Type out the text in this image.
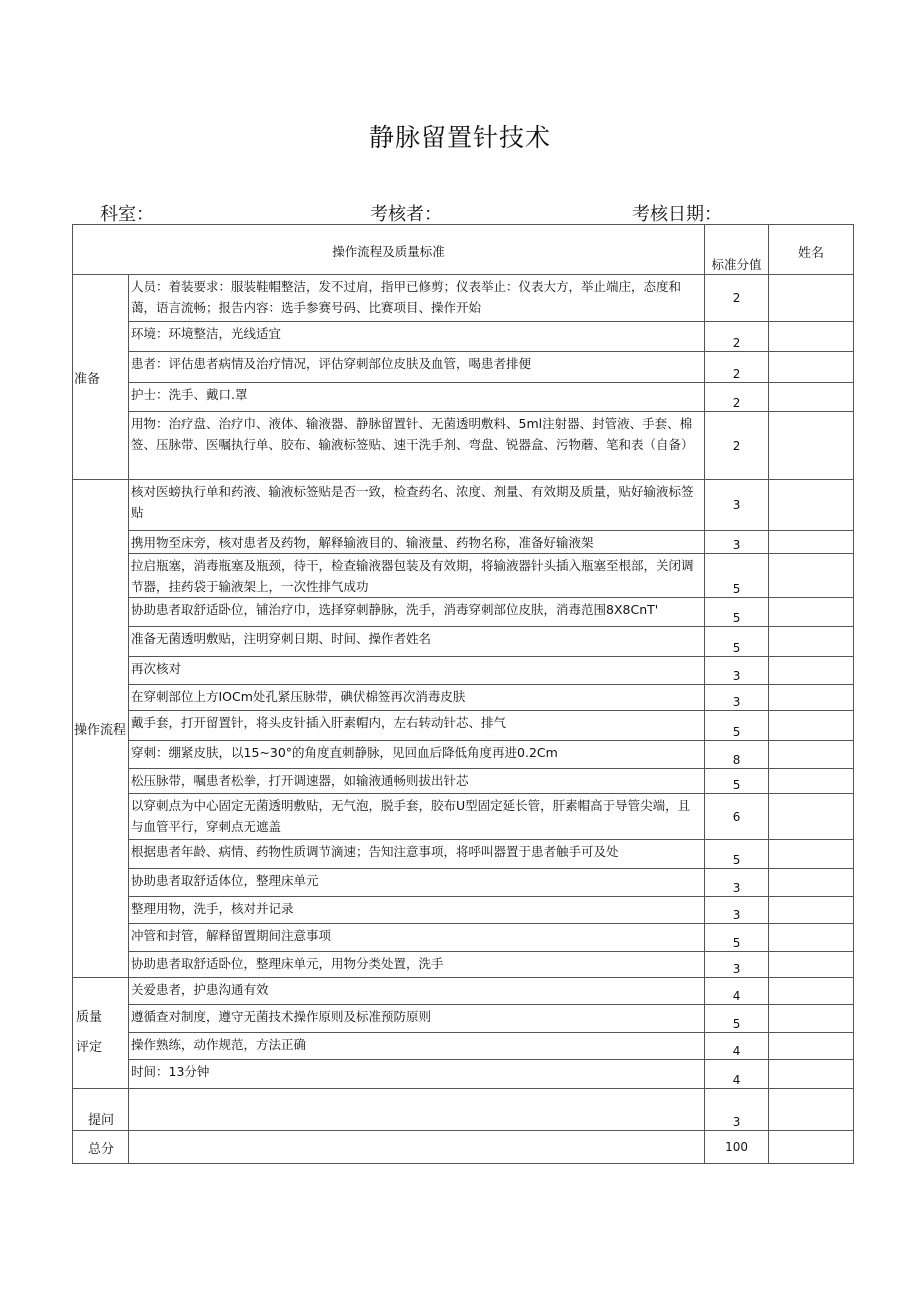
静脉留置针技术
科室：	考核者：	考核日期：
操作流程及质量标准		标准分值	姓名
准备	人员：着装要求：服装鞋帽整洁，发不过肩，指甲已修剪；仪表举止：仪表大方，举止端庄，态度和蔼，语言流畅；报告内容：选手参赛号码、比赛项目、操作开始	2	
	环境：环境整洁，光线适宜	2	
	患者：评估患者病情及治疗情况，评估穿刺部位皮肤及血管，喝患者排便	2	
	护士：洗手、戴口.罩	2	
	用物：治疗盘、治疗巾、液体、输液器、静脉留置针、无菌透明敷料、5ml注射器、封管液、手套、棉签、压脉带、医嘱执行单、胶布、输液标签贴、速干洗手剂、弯盘、锐器盒、污物蘑、笔和表（自备）	2	
操作流程	核对医螃执行单和药液、输液标签贴是否一致，检查药名、浓度、剂量、有效期及质量，贴好输液标签贴	3	
	携用物至床旁，核对患者及药物，解释输液目的、输液量、药物名称，准备好输液架	3	
	拉启瓶塞，消毒瓶塞及瓶颈，待干，检查输液器包装及有效期，将输液器针头插入瓶塞至根部，关闭调节器，挂药袋于输液架上，一次性排气成功	5	
	协助患者取舒适卧位，铺治疗巾，选择穿刺静脉，洗手，消毒穿刺部位皮肤，消毒范围8X8CnT'	5	
	准备无菌透明敷贴，注明穿刺日期、时间、操作者姓名	5	
	再次核对	3	
	在穿刺部位上方IOCm处孔紧压脉带，碘伏棉签再次消毒皮肤	3	
	戴手套，打开留置针，将头皮针插入肝素帽内，左右转动针芯、排气	5	
	穿刺：绷紧皮肤，以15~30°的角度直刺静脉，见回血后降低角度再进0.2Cm	8	
	松压脉带，嘱患者松拳，打开调速器，如输液通畅则拔出针芯	5	
	以穿刺点为中心固定无菌透明敷贴，无气泡，脱手套，胶布U型固定延长管，肝素帽高于导管尖端，且与血管平行，穿刺点无遮盖	6	
	根据患者年龄、病情、药物性质调节滴速；告知注意事项，将呼叫器置于患者触手可及处	5	
	协助患者取舒适体位，整理床单元	3	
	整理用物，洗手，核对并记录	3	
	冲管和封管，解释留置期间注意事项	5	
	协助患者取舒适卧位，整理床单元，用物分类处置，洗手	3	

质量
评定	关爱患者，护患沟通有效	4	
	遵循查对制度，遵守无菌技术操作原则及标准预防原则	5	
	操作熟练，动作规范，方法正确	4	
	时间：13分钟	4	
提问		3	
总分		100	
